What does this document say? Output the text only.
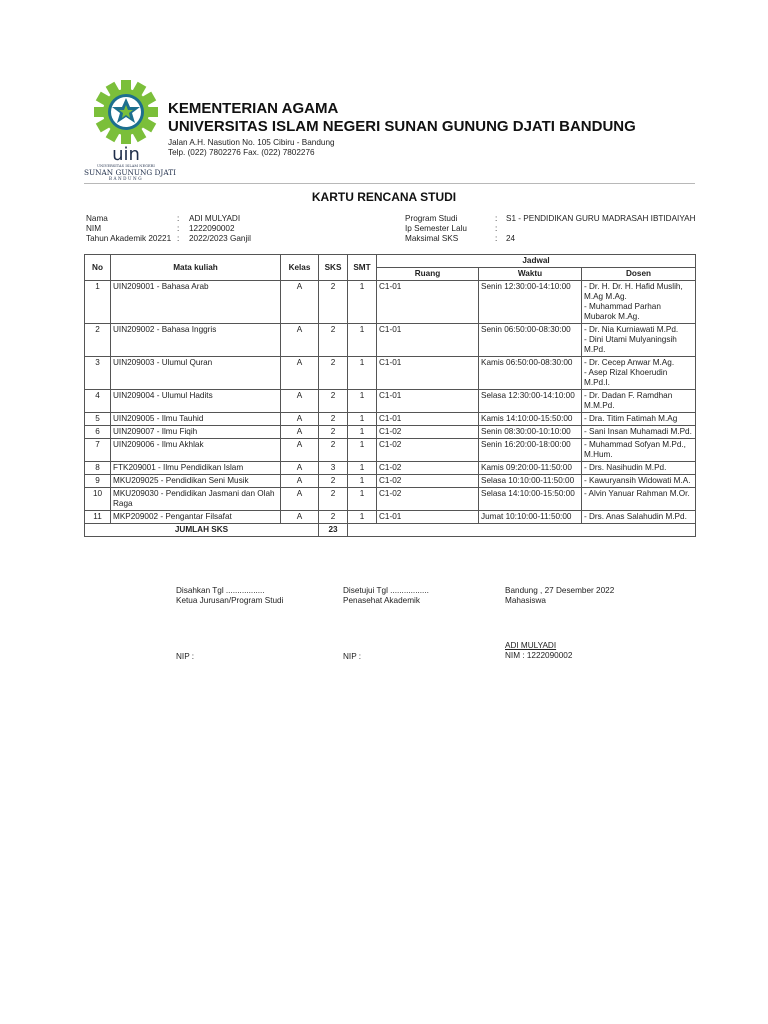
uin
UNIVERSITAS ISLAM NEGERI
SUNAN GUNUNG DJATI
BANDUNG
KEMENTERIAN AGAMA
UNIVERSITAS ISLAM NEGERI SUNAN GUNUNG DJATI BANDUNG
Jalan A.H. Nasution No. 105 Cibiru - Bandung
Telp. (022) 7802276 Fax. (022) 7802276
KARTU RENCANA STUDI
Nama	: ADI MULYADI
NIM	: 1222090002
Tahun Akademik 20221 : 2022/2023 Ganjil
Program Studi	: S1 - PENDIDIKAN GURU MADRASAH IBTIDAIYAH
Ip Semester Lalu	:
Maksimal SKS	: 24
No	Mata kuliah	Kelas	SKS	SMT	Jadwal		
					Ruang	Waktu	Dosen
1	UIN209001 - Bahasa Arab	A	2	1	C1-01	Senin 12:30:00-14:10:00	- Dr. H. Dr. H. Hafid Muslih, M.Ag M.Ag.
- Muhammad Parhan Mubarok M.Ag.

2	UIN209002 - Bahasa Inggris	A	2	1	C1-01	Senin 06:50:00-08:30:00	- Dr. Nia Kurniawati M.Pd.
- Dini Utami Mulyaningsih M.Pd.

3	UIN209003 - Ulumul Quran	A	2	1	C1-01	Kamis 06:50:00-08:30:00	- Dr. Cecep Anwar M.Ag.
- Asep Rizal Khoerudin M.Pd.I.

4	UIN209004 - Ulumul Hadits	A	2	1	C1-01	Selasa 12:30:00-14:10:00	- Dr. Dadan F. Ramdhan M.M.Pd.

5	UIN209005 - Ilmu Tauhid	A	2	1	C1-01	Kamis 14:10:00-15:50:00	- Dra. Titim Fatimah M.Ag

6	UIN209007 - Ilmu Fiqih	A	2	1	C1-02	Senin 08:30:00-10:10:00	- Sani Insan Muhamadi M.Pd.

7	UIN209006 - Ilmu Akhlak	A	2	1	C1-02	Senin 16:20:00-18:00:00	- Muhammad Sofyan M.Pd., M.Hum.

8	FTK209001 - Ilmu Pendidikan Islam	A	3	1	C1-02	Kamis 09:20:00-11:50:00	- Drs. Nasihudin M.Pd.

9	MKU209025 - Pendidikan Seni Musik	A	2	1	C1-02	Selasa 10:10:00-11:50:00	- Kawuryansih Widowati M.A.

10	MKU209030 - Pendidikan Jasmani dan Olah Raga	A	2	1	C1-02	Selasa 14:10:00-15:50:00	- Alvin Yanuar Rahman M.Or.

11	MKP209002 - Pengantar Filsafat	A	2	1	C1-01	Jumat 10:10:00-11:50:00	- Drs. Anas Salahudin M.Pd.

JUMLAH SKS			23				
Disahkan Tgl .................
Ketua Jurusan/Program Studi
NIP :
Disetujui Tgl .................
Penasehat Akademik
NIP :
Bandung , 27 Desember 2022
Mahasiswa
ADI MULYADI
NIM : 1222090002
